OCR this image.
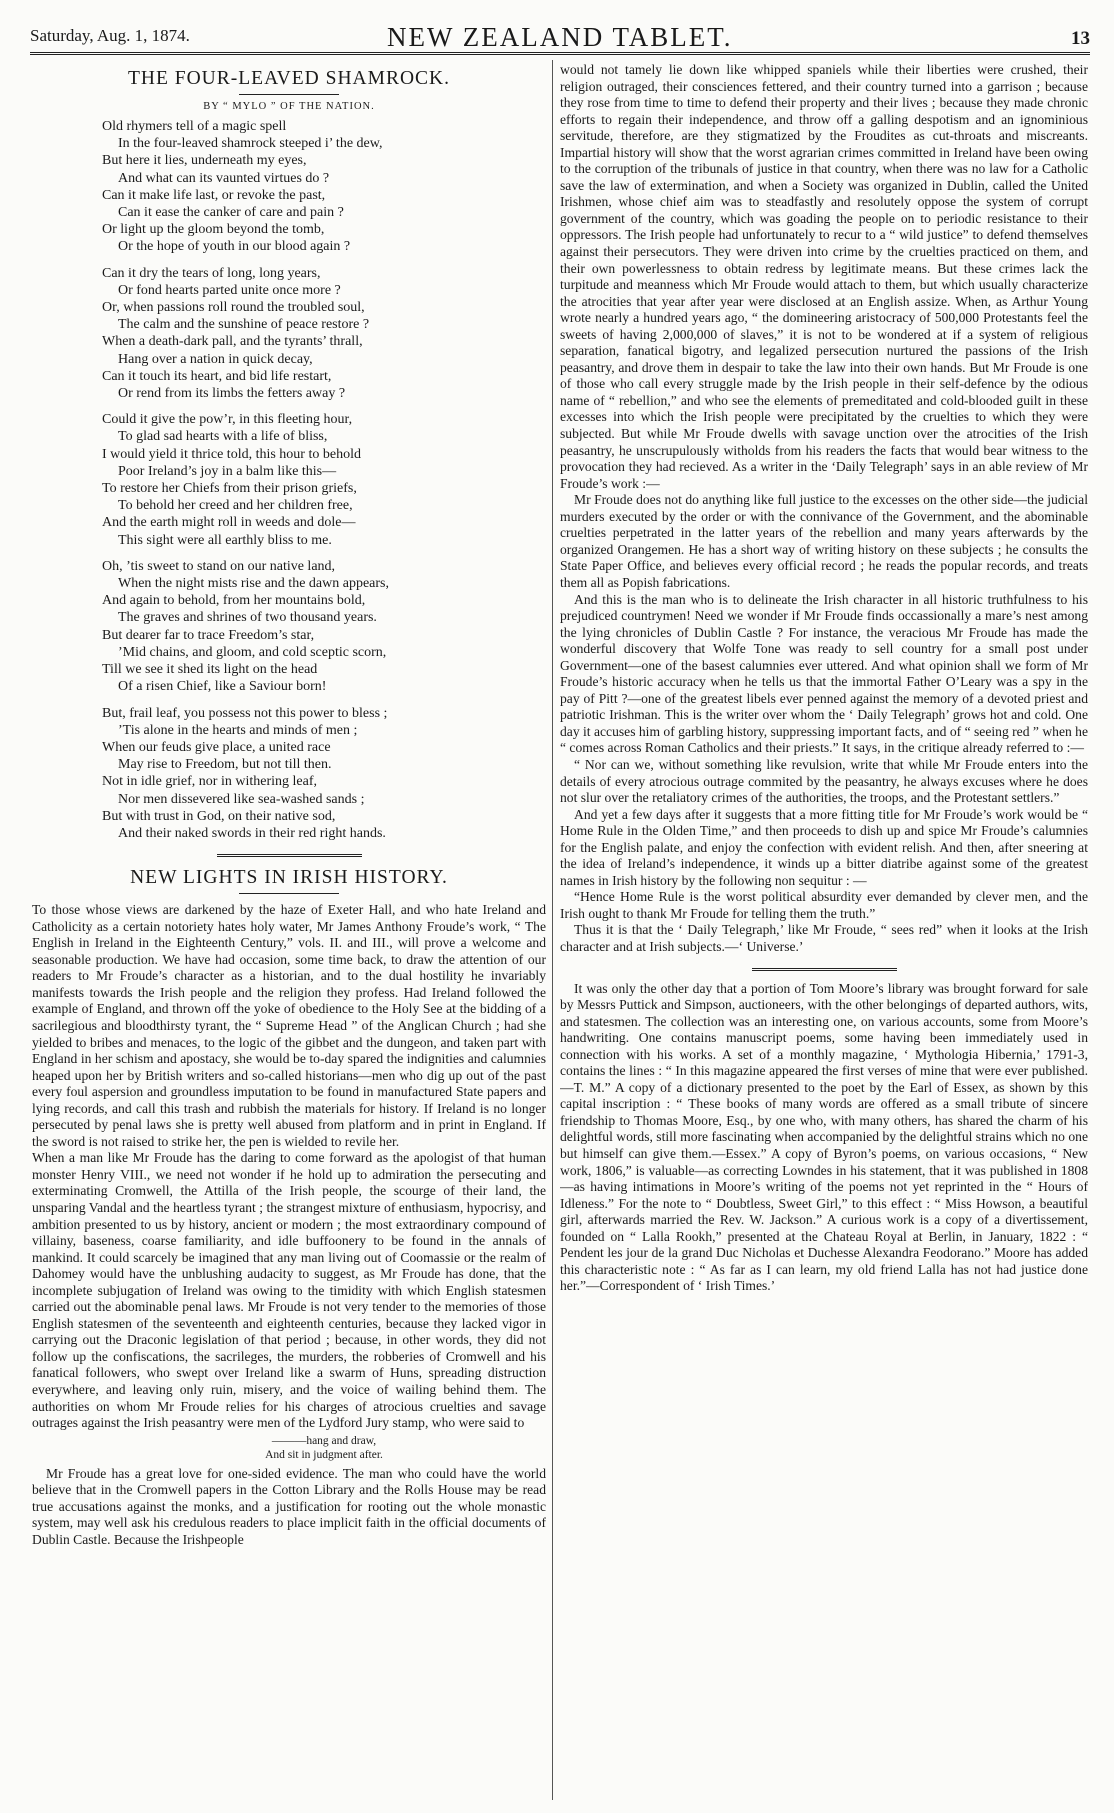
Saturday, Aug. 1, 1874.	NEW ZEALAND TABLET.	13
THE FOUR-LEAVED SHAMROCK.
BY “ MYLO ” OF THE NATION.
Old rhymers tell of a magic spell
In the four-leaved shamrock steeped i’ the dew,
But here it lies, underneath my eyes,
And what can its vaunted virtues do ?
Can it make life last, or revoke the past,
Can it ease the canker of care and pain ?
Or light up the gloom beyond the tomb,
Or the hope of youth in our blood again ?
Can it dry the tears of long, long years,
Or fond hearts parted unite once more ?
Or, when passions roll round the troubled soul,
The calm and the sunshine of peace restore ?
When a death-dark pall, and the tyrants’ thrall,
Hang over a nation in quick decay,
Can it touch its heart, and bid life restart,
Or rend from its limbs the fetters away ?
Could it give the pow’r, in this fleeting hour,
To glad sad hearts with a life of bliss,
I would yield it thrice told, this hour to behold
Poor Ireland’s joy in a balm like this—
To restore her Chiefs from their prison griefs,
To behold her creed and her children free,
And the earth might roll in weeds and dole—
This sight were all earthly bliss to me.
Oh, ’tis sweet to stand on our native land,
When the night mists rise and the dawn appears,
And again to behold, from her mountains bold,
The graves and shrines of two thousand years.
But dearer far to trace Freedom’s star,
’Mid chains, and gloom, and cold sceptic scorn,
Till we see it shed its light on the head
Of a risen Chief, like a Saviour born!
But, frail leaf, you possess not this power to bless ;
’Tis alone in the hearts and minds of men ;
When our feuds give place, a united race
May rise to Freedom, but not till then.
Not in idle grief, nor in withering leaf,
Nor men dissevered like sea-washed sands ;
But with trust in God, on their native sod,
And their naked swords in their red right hands.
NEW LIGHTS IN IRISH HISTORY.

To those whose views are darkened by the haze of Exeter Hall, and who hate Ireland and Catholicity as a certain notoriety hates holy water, Mr James Anthony Froude’s work, “ The English in Ireland in the Eighteenth Century,” vols. II. and III., will prove a welcome and seasonable production. We have had occasion, some time back, to draw the attention of our readers to Mr Froude’s character as a historian, and to the dual hostility he invariably manifests towards the Irish people and the religion they profess. Had Ireland followed the example of England, and thrown off the yoke of obedience to the Holy See at the bidding of a sacrilegious and bloodthirsty tyrant, the “ Supreme Head ” of the Anglican Church ; had she yielded to bribes and menaces, to the logic of the gibbet and the dungeon, and taken part with England in her schism and apostacy, she would be to-day spared the indignities and calumnies heaped upon her by British writers and so-called historians—men who dig up out of the past every foul aspersion and groundless imputation to be found in manufactured State papers and lying records, and call this trash and rubbish the materials for history. If Ireland is no longer persecuted by penal laws she is pretty well abused from platform and in print in England. If the sword is not raised to strike her, the pen is wielded to revile her.

When a man like Mr Froude has the daring to come forward as the apologist of that human monster Henry VIII., we need not wonder if he hold up to admiration the persecuting and exterminating Cromwell, the Attilla of the Irish people, the scourge of their land, the unsparing Vandal and the heartless tyrant ; the strangest mixture of enthusiasm, hypocrisy, and ambition presented to us by history, ancient or modern ; the most extraordinary compound of villainy, baseness, coarse familiarity, and idle buffoonery to be found in the annals of mankind. It could scarcely be imagined that any man living out of Coomassie or the realm of Dahomey would have the unblushing audacity to suggest, as Mr Froude has done, that the incomplete subjugation of Ireland was owing to the timidity with which English statesmen carried out the abominable penal laws. Mr Froude is not very tender to the memories of those English statesmen of the seventeenth and eighteenth centuries, because they lacked vigor in carrying out the Draconic legislation of that period ; because, in other words, they did not follow up the confiscations, the sacrileges, the murders, the robberies of Cromwell and his fanatical followers, who swept over Ireland like a swarm of Huns, spreading distruction everywhere, and leaving only ruin, misery, and the voice of wailing behind them. The authorities on whom Mr Froude relies for his charges of atrocious cruelties and savage outrages against the Irish peasantry were men of the Lydford Jury stamp, who were said to

———hang and draw,
And sit in judgment after.

Mr Froude has a great love for one-sided evidence. The man who could have the world believe that in the Cromwell papers in the Cotton Library and the Rolls House may be read true accusations against the monks, and a justification for rooting out the whole monastic system, may well ask his credulous readers to place implicit faith in the official documents of Dublin Castle. Because the Irishpeople

would not tamely lie down like whipped spaniels while their liberties were crushed, their religion outraged, their consciences fettered, and their country turned into a garrison ; because they rose from time to time to defend their property and their lives ; because they made chronic efforts to regain their independence, and throw off a galling despotism and an ignominious servitude, therefore, are they stigmatized by the Froudites as cut-throats and miscreants. Impartial history will show that the worst agrarian crimes committed in Ireland have been owing to the corruption of the tribunals of justice in that country, when there was no law for a Catholic save the law of extermination, and when a Society was organized in Dublin, called the United Irishmen, whose chief aim was to steadfastly and resolutely oppose the system of corrupt government of the country, which was goading the people on to periodic resistance to their oppressors. The Irish people had unfortunately to recur to a “ wild justice” to defend themselves against their persecutors. They were driven into crime by the cruelties practiced on them, and their own powerlessness to obtain redress by legitimate means. But these crimes lack the turpitude and meanness which Mr Froude would attach to them, but which usually characterize the atrocities that year after year were disclosed at an English assize. When, as Arthur Young wrote nearly a hundred years ago, “ the domineering aristocracy of 500,000 Protestants feel the sweets of having 2,000,000 of slaves,” it is not to be wondered at if a system of religious separation, fanatical bigotry, and legalized persecution nurtured the passions of the Irish peasantry, and drove them in despair to take the law into their own hands. But Mr Froude is one of those who call every struggle made by the Irish people in their self-defence by the odious name of “ rebellion,” and who see the elements of premeditated and cold-blooded guilt in these excesses into which the Irish people were precipitated by the cruelties to which they were subjected. But while Mr Froude dwells with savage unction over the atrocities of the Irish peasantry, he unscrupulously witholds from his readers the facts that would bear witness to the provocation they had recieved. As a writer in the ‘Daily Telegraph’ says in an able review of Mr Froude’s work :—

Mr Froude does not do anything like full justice to the excesses on the other side—the judicial murders executed by the order or with the connivance of the Government, and the abominable cruelties perpetrated in the latter years of the rebellion and many years afterwards by the organized Orangemen. He has a short way of writing history on these subjects ; he consults the State Paper Office, and believes every official record ; he reads the popular records, and treats them all as Popish fabrications.

And this is the man who is to delineate the Irish character in all historic truthfulness to his prejudiced countrymen! Need we wonder if Mr Froude finds occassionally a mare’s nest among the lying chronicles of Dublin Castle ? For instance, the veracious Mr Froude has made the wonderful discovery that Wolfe Tone was ready to sell country for a small post under Government—one of the basest calumnies ever uttered. And what opinion shall we form of Mr Froude’s historic accuracy when he tells us that the immortal Father O’Leary was a spy in the pay of Pitt ?—one of the greatest libels ever penned against the memory of a devoted priest and patriotic Irishman. This is the writer over whom the ‘ Daily Telegraph’ grows hot and cold. One day it accuses him of garbling history, suppressing important facts, and of “ seeing red ” when he “ comes across Roman Catholics and their priests.” It says, in the critique already referred to :—

“ Nor can we, without something like revulsion, write that while Mr Froude enters into the details of every atrocious outrage commited by the peasantry, he always excuses where he does not slur over the retaliatory crimes of the authorities, the troops, and the Protestant settlers.”

And yet a few days after it suggests that a more fitting title for Mr Froude’s work would be “ Home Rule in the Olden Time,” and then proceeds to dish up and spice Mr Froude’s calumnies for the English palate, and enjoy the confection with evident relish. And then, after sneering at the idea of Ireland’s independence, it winds up a bitter diatribe against some of the greatest names in Irish history by the following non sequitur : —

“Hence Home Rule is the worst political absurdity ever demanded by clever men, and the Irish ought to thank Mr Froude for telling them the truth.”

Thus it is that the ‘ Daily Telegraph,’ like Mr Froude, “ sees red” when it looks at the Irish character and at Irish subjects.—‘ Universe.’

It was only the other day that a portion of Tom Moore’s library was brought forward for sale by Messrs Puttick and Simpson, auctioneers, with the other belongings of departed authors, wits, and statesmen. The collection was an interesting one, on various accounts, some from Moore’s handwriting. One contains manuscript poems, some having been immediately used in connection with his works. A set of a monthly magazine, ‘ Mythologia Hibernia,’ 1791-3, contains the lines : “ In this magazine appeared the first verses of mine that were ever published.—T. M.” A copy of a dictionary presented to the poet by the Earl of Essex, as shown by this capital inscription : “ These books of many words are offered as a small tribute of sincere friendship to Thomas Moore, Esq., by one who, with many others, has shared the charm of his delightful words, still more fascinating when accompanied by the delightful strains which no one but himself can give them.—Essex.” A copy of Byron’s poems, on various occasions, “ New work, 1806,” is valuable—as correcting Lowndes in his statement, that it was published in 1808—as having intimations in Moore’s writing of the poems not yet reprinted in the “ Hours of Idleness.” For the note to “ Doubtless, Sweet Girl,” to this effect : “ Miss Howson, a beautiful girl, afterwards married the Rev. W. Jackson.” A curious work is a copy of a divertissement, founded on “ Lalla Rookh,” presented at the Chateau Royal at Berlin, in January, 1822 : “ Pendent les jour de la grand Duc Nicholas et Duchesse Alexandra Feodorano.” Moore has added this characteristic note : “ As far as I can learn, my old friend Lalla has not had justice done her.”—Correspondent of ‘ Irish Times.’
